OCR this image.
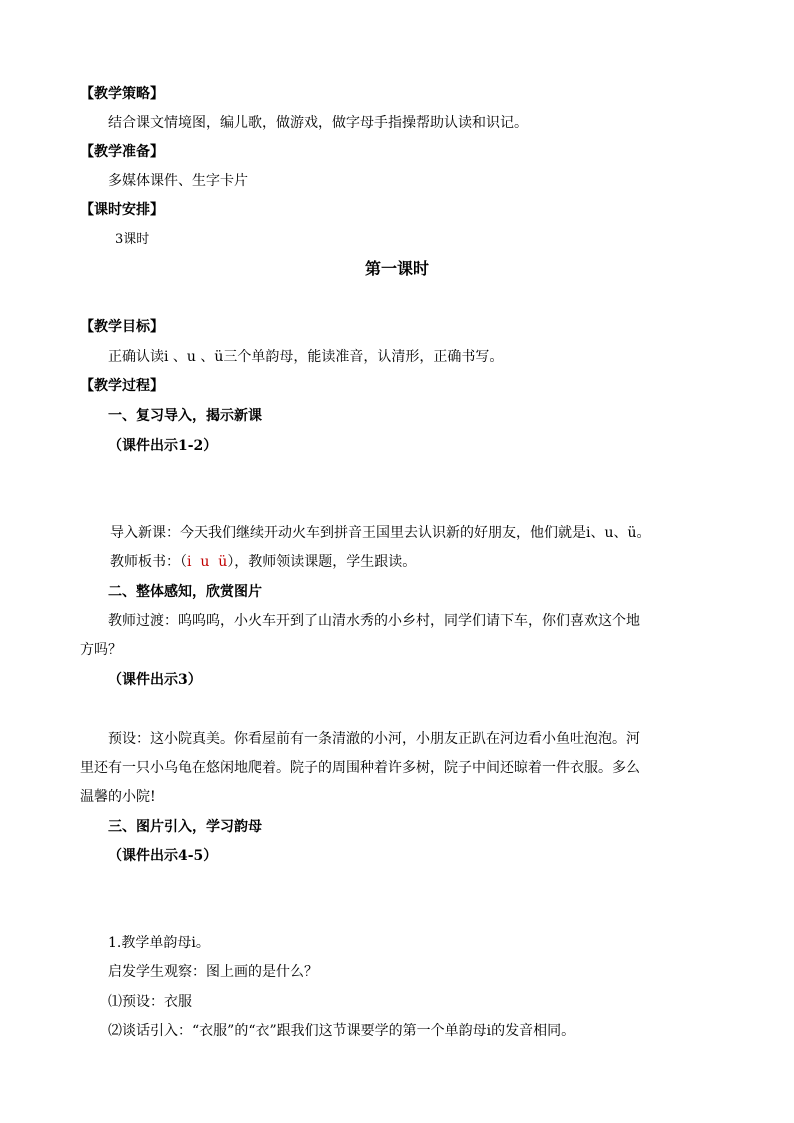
【教学策略】
结合课文情境图，编儿歌，做游戏，做字母手指操帮助认读和识记。
【教学准备】
多媒体课件、生字卡片
【课时安排】
3课时
第一课时
【教学目标】
正确认读i 、u 、ü三个单韵母，能读准音，认清形，正确书写。
【教学过程】
一、复习导入，揭示新课
（课件出示1-2）
导入新课：今天我们继续开动火车到拼音王国里去认识新的好朋友，他们就是i、u、ü。
教师板书：（i  u  ü），教师领读课题，学生跟读。
二、整体感知，欣赏图片
教师过渡：呜呜呜，小火车开到了山清水秀的小乡村，同学们请下车，你们喜欢这个地
方吗？
（课件出示3）
预设：这小院真美。你看屋前有一条清澈的小河，小朋友正趴在河边看小鱼吐泡泡。河
里还有一只小乌龟在悠闲地爬着。院子的周围种着许多树，院子中间还晾着一件衣服。多么
温馨的小院!
三、图片引入，学习韵母
（课件出示4-5）
1.教学单韵母i。
启发学生观察：图上画的是什么？
⑴预设：衣服
⑵谈话引入：“衣服”的“衣”跟我们这节课要学的第一个单韵母i的发音相同。
